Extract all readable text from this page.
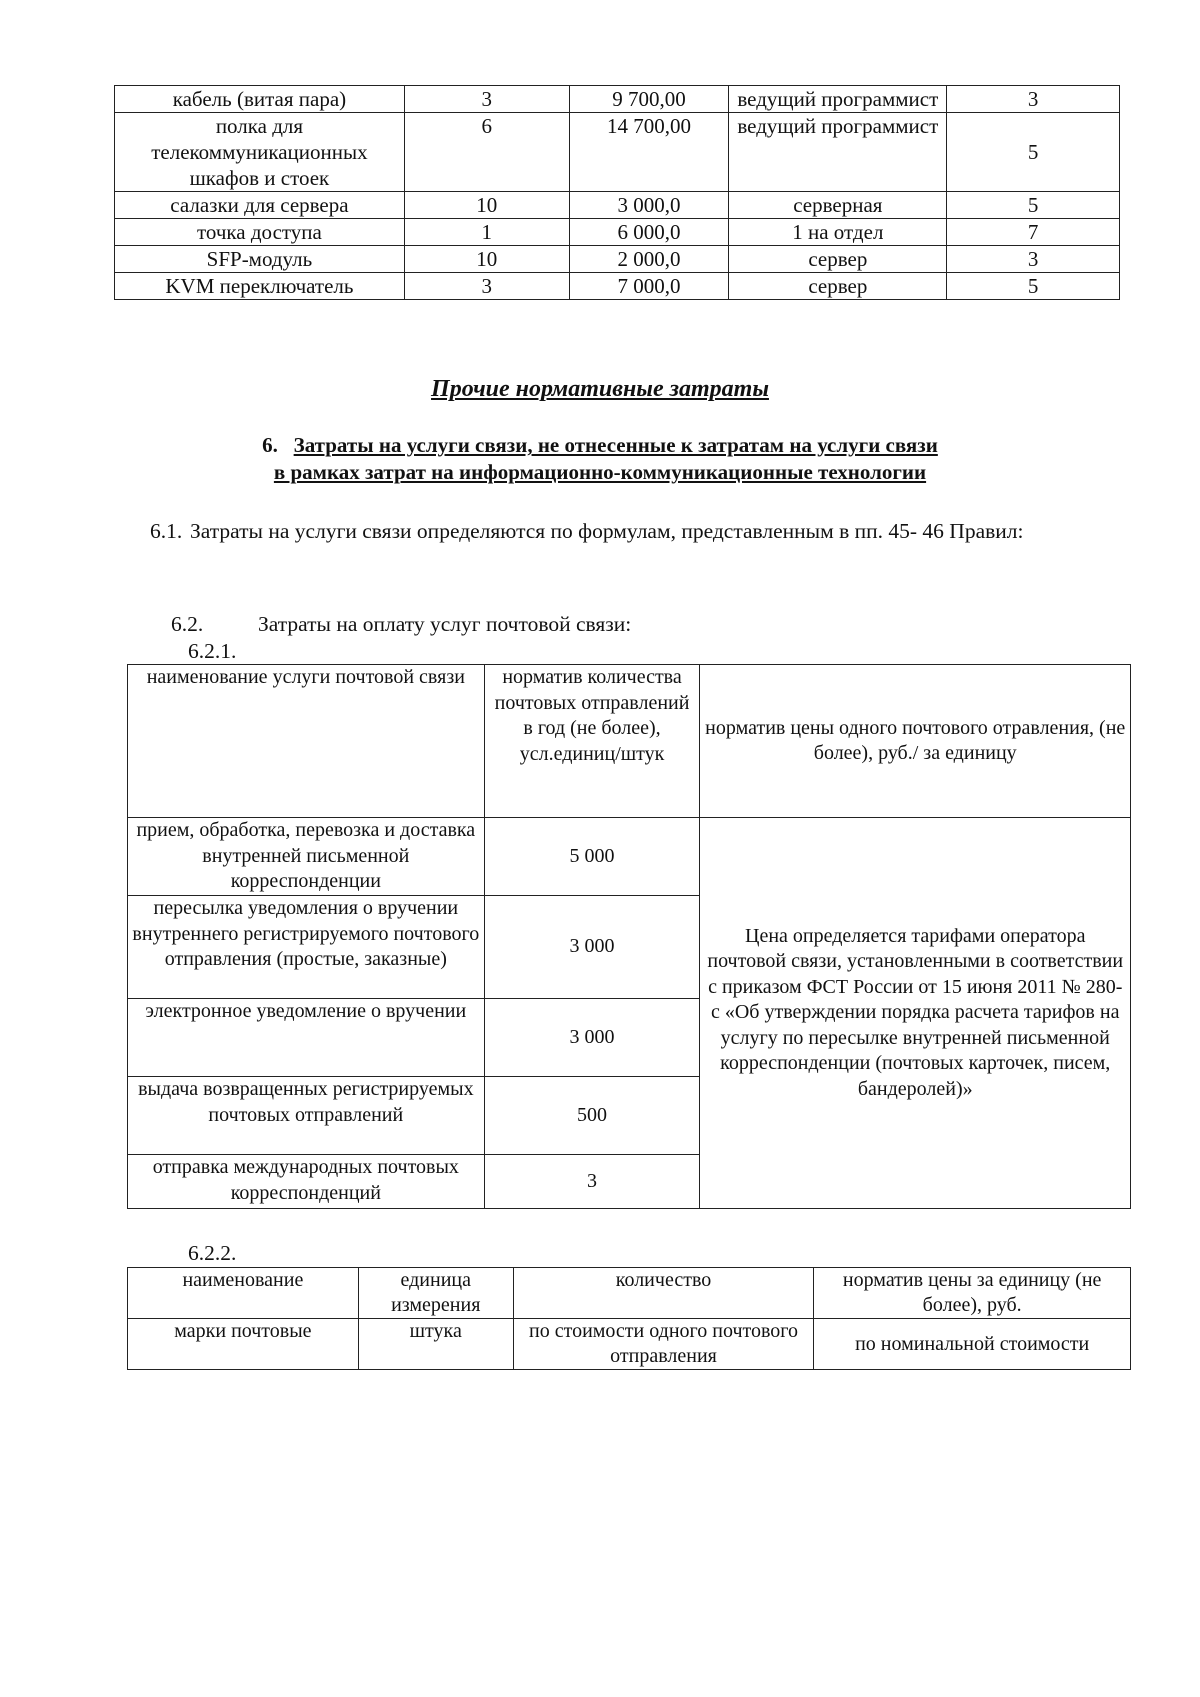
кабель (витая пара)	3	9 700,00	ведущий программист	3
полка для телекоммуникационных шкафов и стоек	6	14 700,00	ведущий программист	5
салазки для сервера	10	3 000,0	серверная	5
точка доступа	1	6 000,0	1 на отдел	7
SFP-модуль	10	2 000,0	сервер	3
KVM переключатель	3	7 000,0	сервер	5
Прочие нормативные затраты
6. Затраты на услуги связи, не отнесенные к затратам на услуги связи
в рамках затрат на информационно-коммуникационные технологии
6.1. Затраты на услуги связи определяются по формулам, представленным в пп. 45- 46 Правил:
6.2.	Затраты на оплату услуг почтовой связи:
6.2.1.
наименование услуги почтовой связи	норматив количества почтовых отправлений в год (не более), усл.единиц/штук	норматив цены одного почтового отравления, (не более), руб./ за единицу
прием, обработка, перевозка и доставка внутренней письменной корреспонденции	5 000	Цена определяется тарифами оператора почтовой связи, установленными в соответствии с приказом ФСТ России от 15 июня 2011 № 280-с «Об утверждении порядка расчета тарифов на услугу по пересылке внутренней письменной корреспонденции (почтовых карточек, писем, бандеролей)»
пересылка уведомления о вручении внутреннего регистрируемого почтового отправления (простые, заказные)	3 000	
электронное уведомление о вручении	3 000	
выдача возвращенных регистрируемых почтовых отправлений	500	
отправка международных почтовых корреспонденций	3	
6.2.2.
наименование	единица измерения	количество	норматив цены за единицу (не более), руб.
марки почтовые	штука	по стоимости одного почтового отправления	по номинальной стоимости
